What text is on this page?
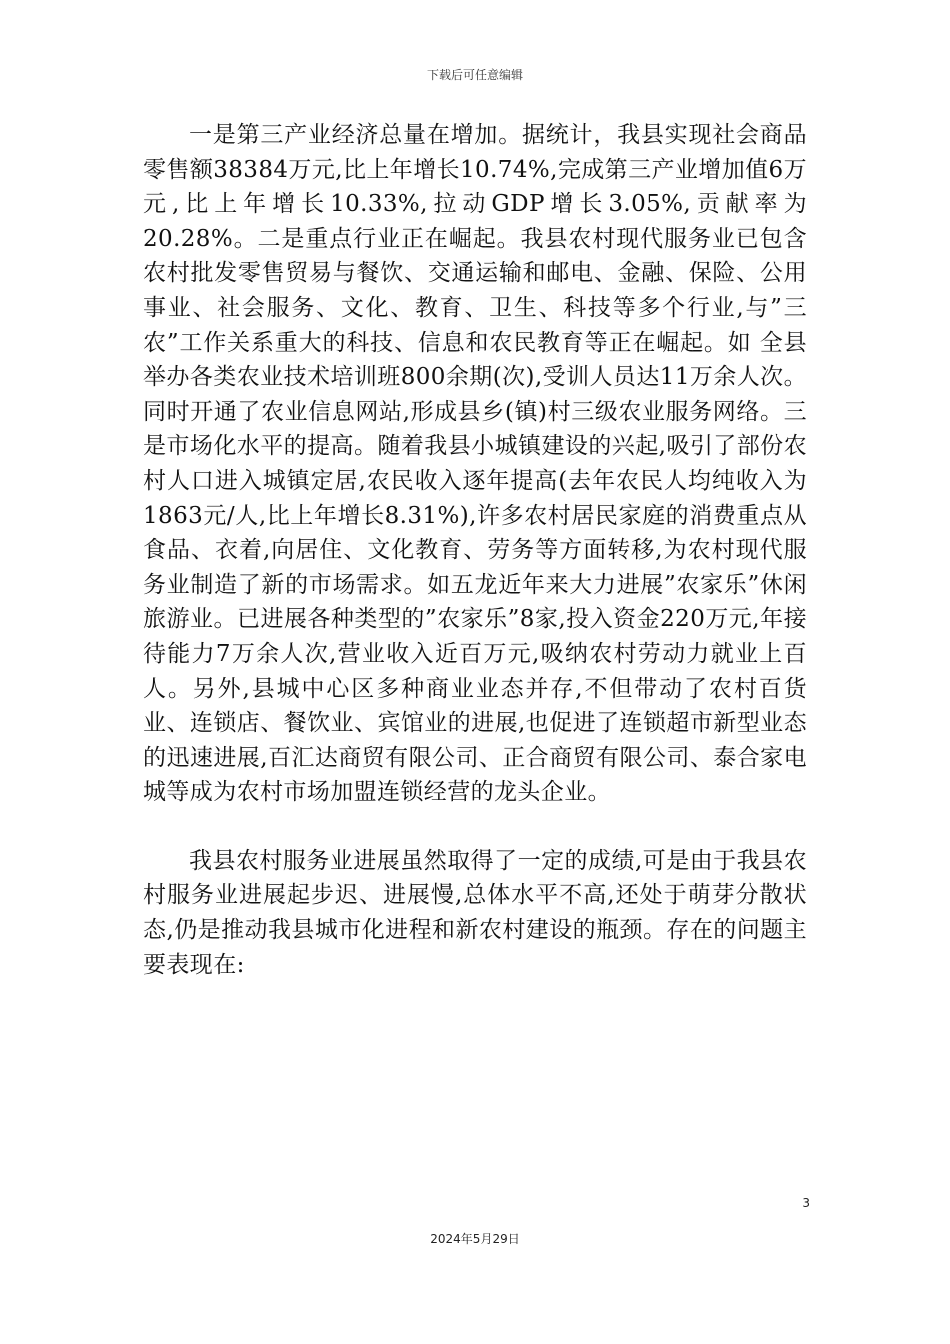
下载后可任意编辑

一是第三产业经济总量在增加。据统计，我县实现社会商品零售额38384万元,比上年增长10.74%,完成第三产业增加值6万元,比上年增长10.33%,拉动GDP增长3.05%,贡献率为20.28%。二是重点行业正在崛起。我县农村现代服务业已包含农村批发零售贸易与餐饮、交通运输和邮电、金融、保险、公用事业、社会服务、文化、教育、卫生、科技等多个行业,与”三农”工作关系重大的科技、信息和农民教育等正在崛起。如 全县举办各类农业技术培训班800余期(次),受训人员达11万余人次。同时开通了农业信息网站,形成县乡(镇)村三级农业服务网络。三是市场化水平的提高。随着我县小城镇建设的兴起,吸引了部份农村人口进入城镇定居,农民收入逐年提高(去年农民人均纯收入为1863元/人,比上年增长8.31%),许多农村居民家庭的消费重点从食品、衣着,向居住、文化教育、劳务等方面转移,为农村现代服务业制造了新的市场需求。如五龙近年来大力进展”农家乐”休闲旅游业。已进展各种类型的”农家乐”8家,投入资金220万元,年接待能力7万余人次,营业收入近百万元,吸纳农村劳动力就业上百人。另外,县城中心区多种商业业态并存,不但带动了农村百货业、连锁店、餐饮业、宾馆业的进展,也促进了连锁超市新型业态的迅速进展,百汇达商贸有限公司、正合商贸有限公司、泰合家电城等成为农村市场加盟连锁经营的龙头企业。

我县农村服务业进展虽然取得了一定的成绩,可是由于我县农村服务业进展起步迟、进展慢,总体水平不高,还处于萌芽分散状态,仍是推动我县城市化进程和新农村建设的瓶颈。存在的问题主要表现在:

3
2024年5月29日
